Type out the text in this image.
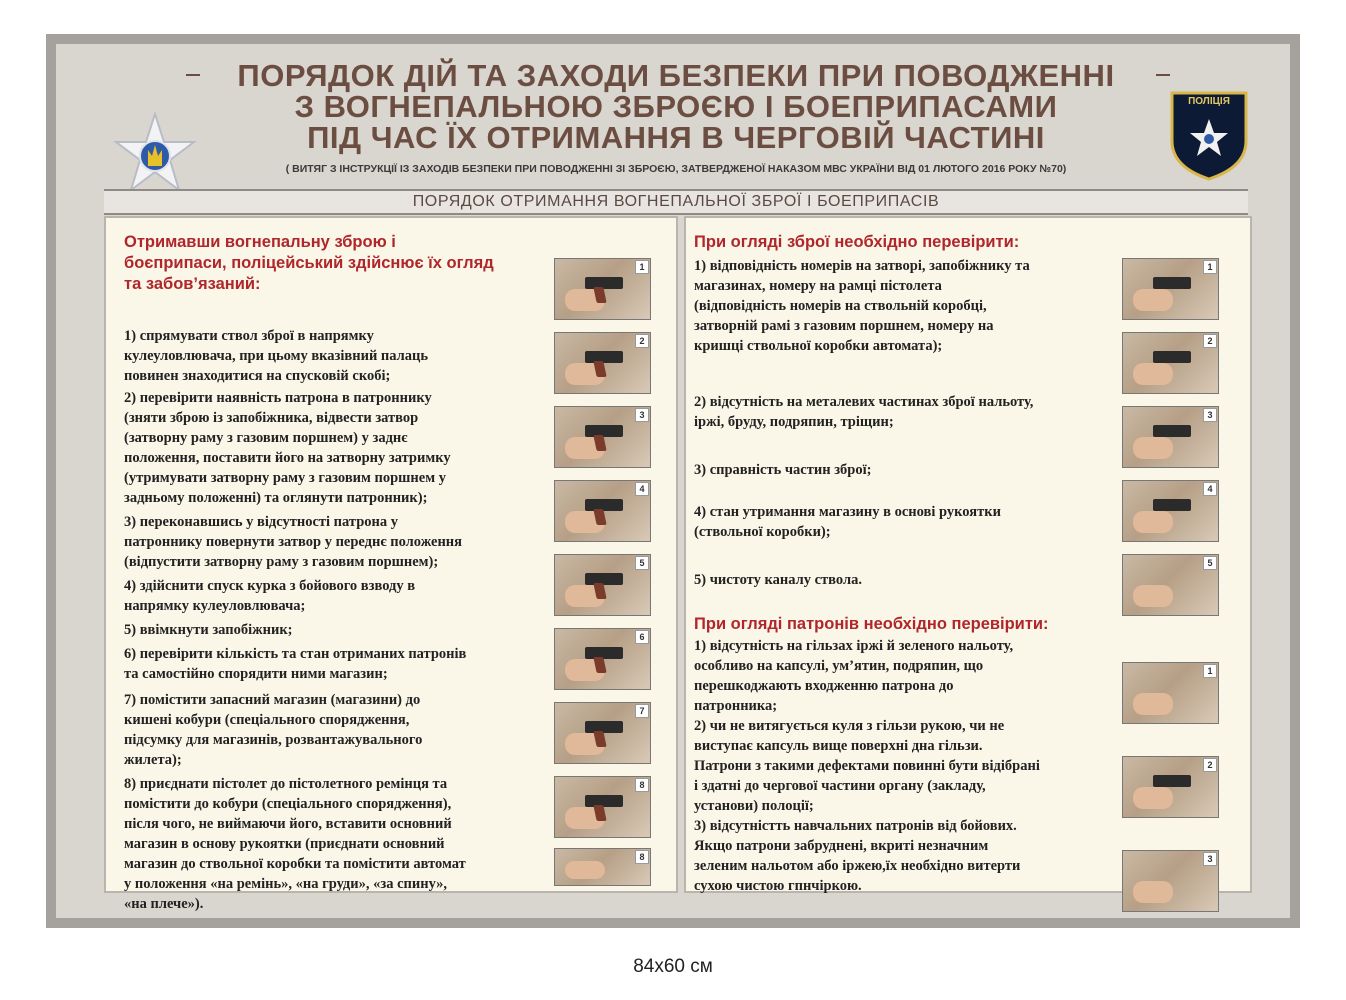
ПОРЯДОК ДІЙ ТА ЗАХОДИ БЕЗПЕКИ ПРИ ПОВОДЖЕННІ
З ВОГНЕПАЛЬНОЮ ЗБРОЄЮ І БОЕПРИПАСАМИ
ПІД ЧАС ЇХ ОТРИМАННЯ В ЧЕРГОВІЙ ЧАСТИНІ
( ВИТЯГ З ІНСТРУКЦІЇ ІЗ ЗАХОДІВ БЕЗПЕКИ ПРИ ПОВОДЖЕННІ ЗІ ЗБРОЄЮ, ЗАТВЕРДЖЕНОЇ НАКАЗОМ МВС УКРАЇНИ ВІД 01 ЛЮТОГО 2016 РОКУ №70)
ПОЛІЦІЯ
ПОРЯДОК ОТРИМАННЯ ВОГНЕПАЛЬНОЇ ЗБРОЇ І БОЕПРИПАСІВ
Отримавши вогнепальну зброю і
боєприпаси, поліцейський здійснює їх огляд
та забов’язаний:
1) спрямувати ствол зброї в напрямку
кулеуловлювача, при цьому вказівний палаць
повинен знаходитися на спусковій скобі;
2) перевірити наявність патрона в патроннику
(зняти зброю із запобіжника, відвести затвор
(затворну раму з газовим поршнем) у заднє
положення, поставити його на затворну затримку
(утримувати затворну раму з газовим поршнем у
задньому положенні) та оглянути патронник);
3) переконавшись у відсутності патрона у
патроннику повернути затвор у переднє положення
(відпустити затворну раму з газовим поршнем);
4) здійснити спуск курка з бойового взводу в
напрямку кулеуловлювача;
5) ввімкнути запобіжник;
6) перевірити кількість та стан отриманих патронів
та самостійно спорядити ними магазин;
7) помістити запасний магазин (магазини) до
кишені кобури (спеціального спорядження,
підсумку для магазинів, розвантажувального
жилета);
8) приєднати пістолет до пістолетного ремінця та
помістити до кобури (спеціального спорядження),
після чого, не виймаючи його, вставити основний
магазин в основу рукоятки (приєднати основний
магазин до ствольної коробки та помістити автомат
у положення «на ремінь», «на груди», «за спину»,
«на плече»).
1
2
3
4
5
6
7
8
8
При огляді зброї необхідно перевірити:
1) відповідність номерів на затворі, запобіжнику та
магазинах, номеру на рамці пістолета
(відповідність номерів на ствольній коробці,
затворній рамі з газовим поршнем, номеру на
кришці ствольної коробки автомата);
2) відсутність на металевих частинах зброї нальоту,
іржі, бруду, подряпин, тріщин;
3) справність частин зброї;
4) стан утримання магазину в основі рукоятки
(ствольної коробки);
5) чистоту каналу ствола.
При огляді патронів необхідно перевірити:
1) відсутність на гільзах іржі й зеленого нальоту,
особливо на капсулі, ум’ятин, подряпин, що
перешкоджають входженню патрона до
патронника;
2) чи не витягується куля з гільзи рукою, чи не
виступає капсуль вище поверхні дна гільзи.
Патрони з такими дефектами повинні бути відібрані
і здатні до чергової частини органу (закладу,
установи) полоції;
3) відсутністть навчальних патронів від бойових.
Якщо патрони забруднені, вкриті незначним
зеленим нальотом або іржею,їх необхідно витерти
сухою чистою гпнчіркою.
1
2
3
4
5
1
2
3
84х60 см
